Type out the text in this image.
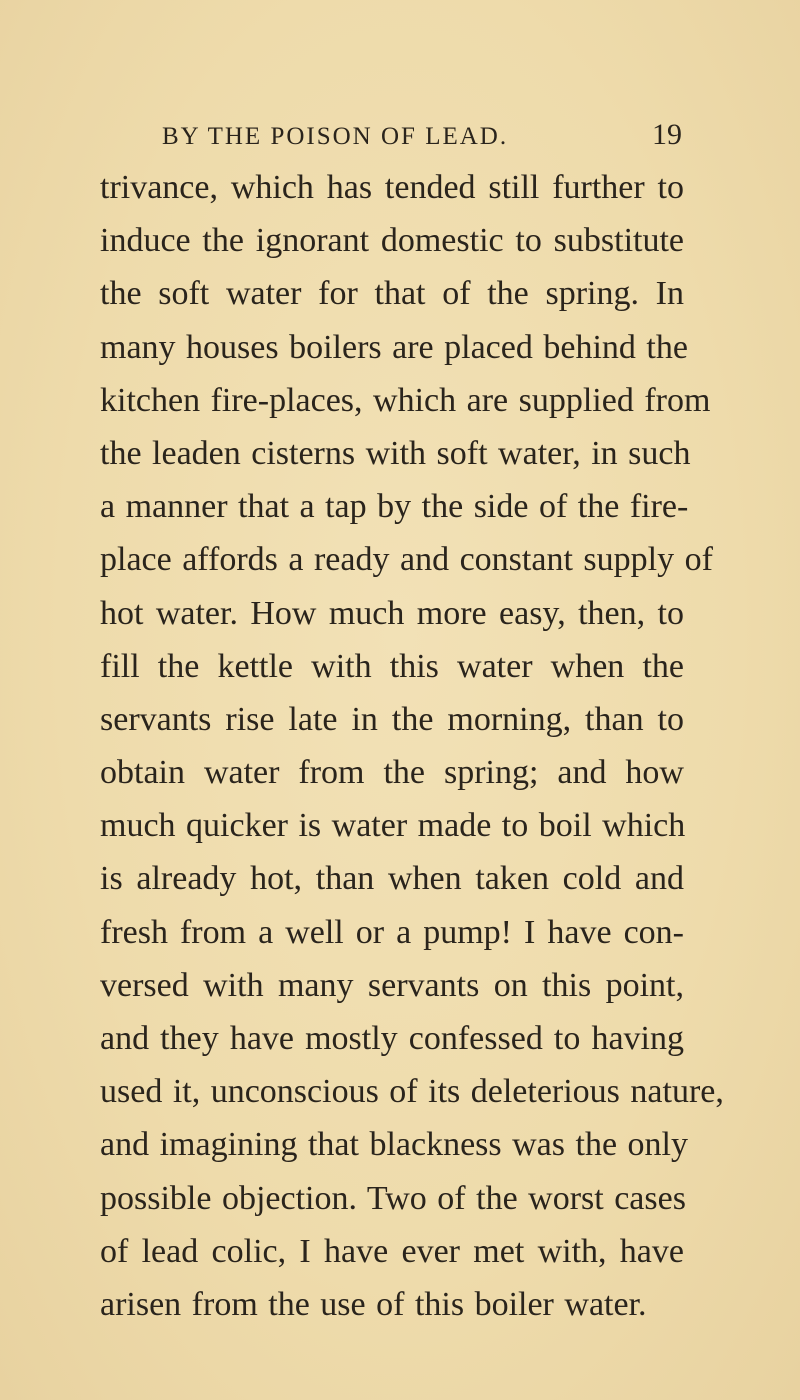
BY THE POISON OF LEAD.	19
trivance, which has tended still further to
induce the ignorant domestic to substitute
the soft water for that of the spring. In
many houses boilers are placed behind the
kitchen fire-places, which are supplied from
the leaden cisterns with soft water, in such
a manner that a tap by the side of the fire-
place affords a ready and constant supply of
hot water. How much more easy, then, to
fill the kettle with this water when the
servants rise late in the morning, than to
obtain water from the spring; and how
much quicker is water made to boil which
is already hot, than when taken cold and
fresh from a well or a pump! I have con-
versed with many servants on this point,
and they have mostly confessed to having
used it, unconscious of its deleterious nature,
and imagining that blackness was the only
possible objection. Two of the worst cases
of lead colic, I have ever met with, have
arisen from the use of this boiler water.
